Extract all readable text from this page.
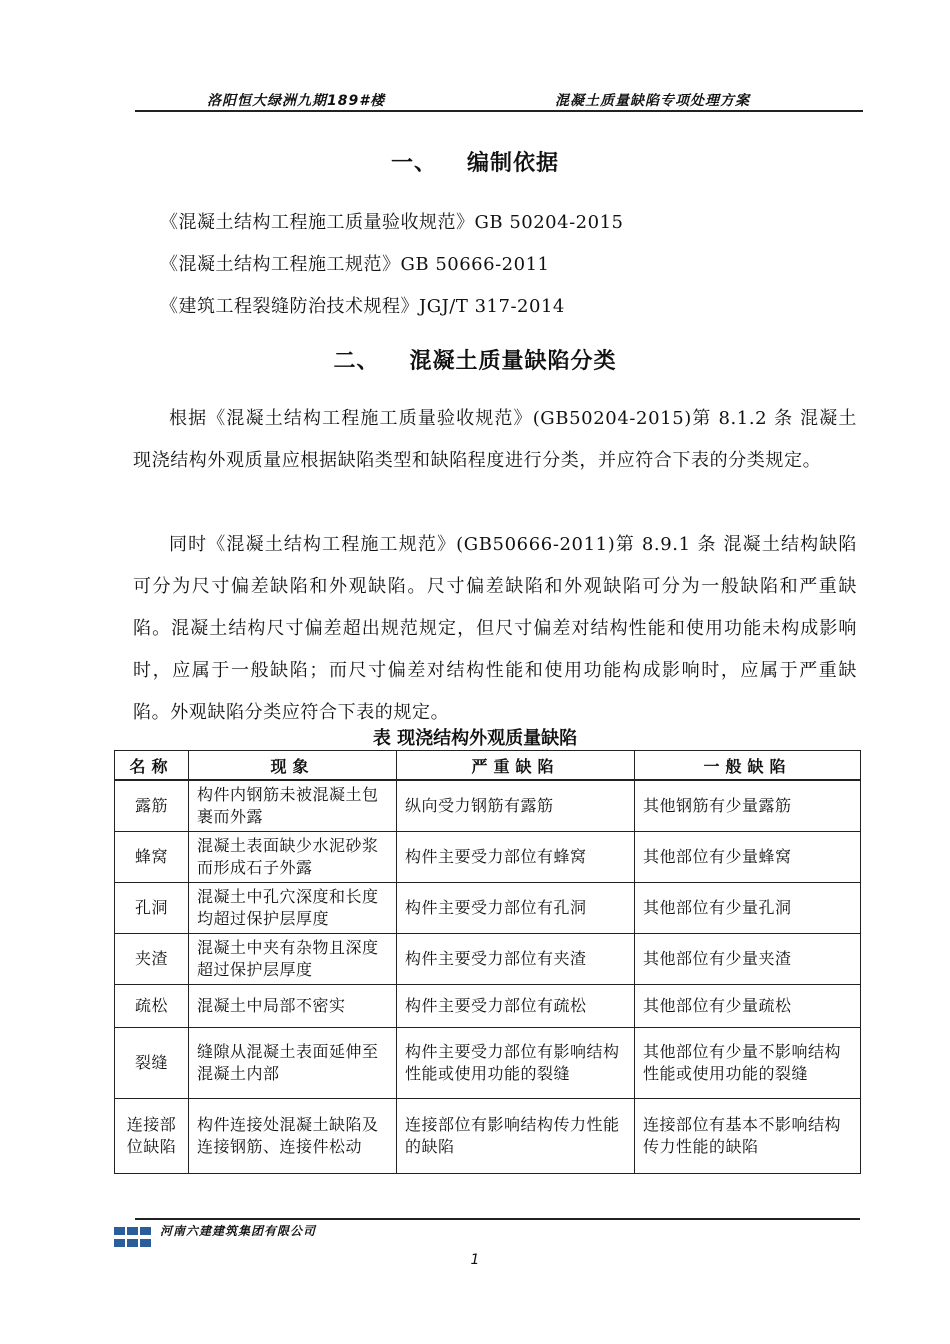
洛阳恒大绿洲九期189#楼	混凝土质量缺陷专项处理方案
一、 编制依据
《混凝土结构工程施工质量验收规范》GB 50204-2015
《混凝土结构工程施工规范》GB 50666-2011
《建筑工程裂缝防治技术规程》JGJ/T 317-2014
二、 混凝土质量缺陷分类
根据《混凝土结构工程施工质量验收规范》(GB50204-2015)第 8.1.2 条 混凝土现浇结构外观质量应根据缺陷类型和缺陷程度进行分类，并应符合下表的分类规定。
同时《混凝土结构工程施工规范》(GB50666-2011)第 8.9.1 条 混凝土结构缺陷可分为尺寸偏差缺陷和外观缺陷。尺寸偏差缺陷和外观缺陷可分为一般缺陷和严重缺陷。混凝土结构尺寸偏差超出规范规定，但尺寸偏差对结构性能和使用功能未构成影响时，应属于一般缺陷；而尺寸偏差对结构性能和使用功能构成影响时，应属于严重缺陷。外观缺陷分类应符合下表的规定。
表 现浇结构外观质量缺陷
名称	现象	严重缺陷	一般缺陷
露筋	构件内钢筋未被混凝土包裹而外露	纵向受力钢筋有露筋	其他钢筋有少量露筋
蜂窝	混凝土表面缺少水泥砂浆而形成石子外露	构件主要受力部位有蜂窝	其他部位有少量蜂窝
孔洞	混凝土中孔穴深度和长度均超过保护层厚度	构件主要受力部位有孔洞	其他部位有少量孔洞
夹渣	混凝土中夹有杂物且深度超过保护层厚度	构件主要受力部位有夹渣	其他部位有少量夹渣
疏松	混凝土中局部不密实	构件主要受力部位有疏松	其他部位有少量疏松
裂缝	缝隙从混凝土表面延伸至混凝土内部	构件主要受力部位有影响结构性能或使用功能的裂缝	其他部位有少量不影响结构性能或使用功能的裂缝
连接部位缺陷	构件连接处混凝土缺陷及连接钢筋、连接件松动	连接部位有影响结构传力性能的缺陷	连接部位有基本不影响结构传力性能的缺陷
河南六建建筑集团有限公司
1
